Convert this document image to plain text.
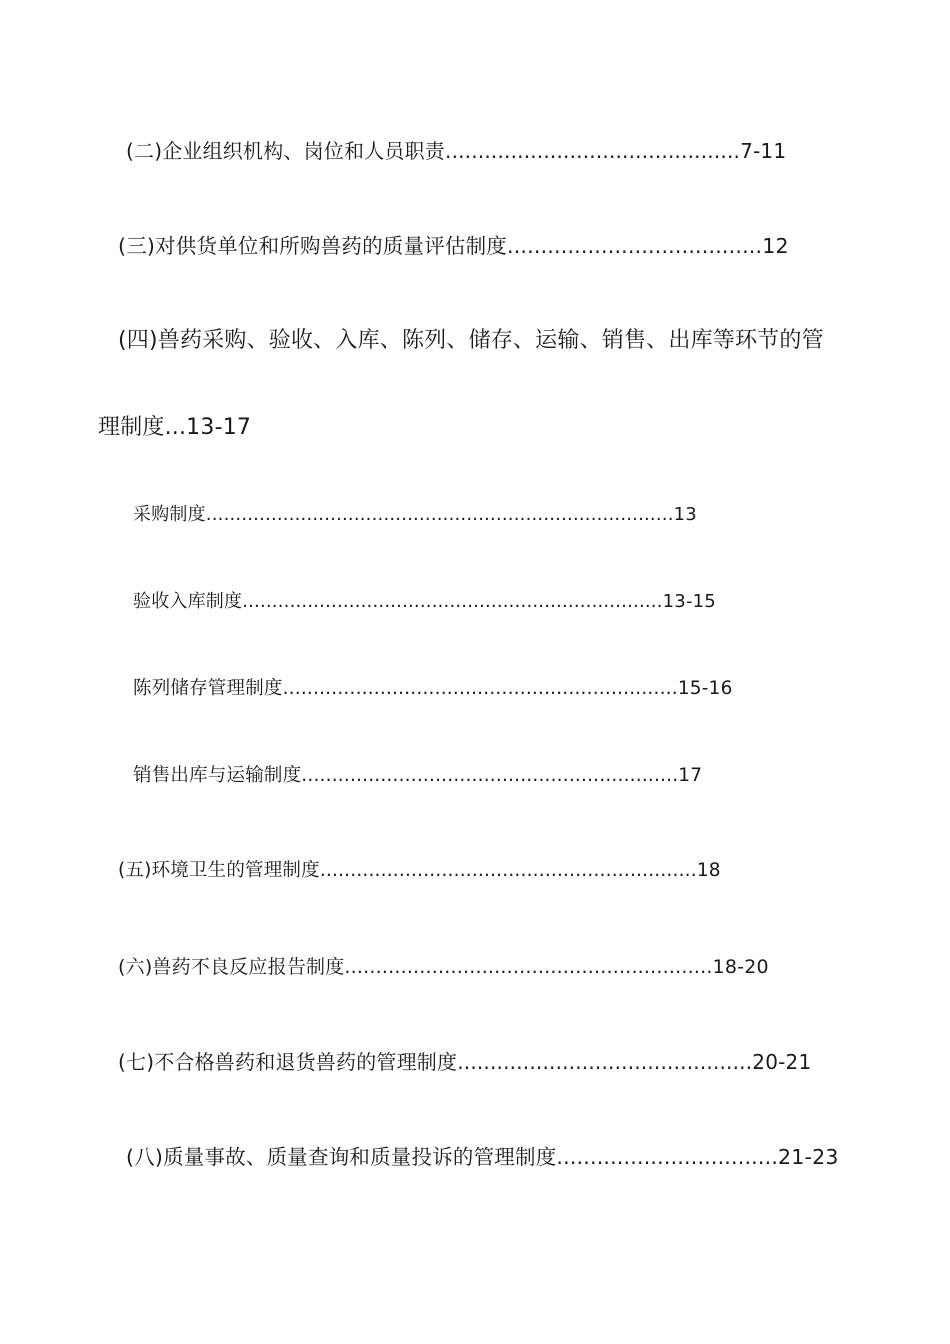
(二)企业组织机构、岗位和人员职责.............................................7-11
(三)对供货单位和所购兽药的质量评估制度......................................12
(四)兽药采购、验收、入库、陈列、储存、运输、销售、出库等环节的管
理制度...13-17
采购制度...............................................................................13
验收入库制度.......................................................................13-15
陈列储存管理制度.................................................................15-16
销售出库与运输制度..............................................................17
(五)环境卫生的管理制度..............................................................18
(六)兽药不良反应报告制度...........................................................18-20
(七)不合格兽药和退货兽药的管理制度.............................................20-21
(八)质量事故、质量查询和质量投诉的管理制度.................................21-23
